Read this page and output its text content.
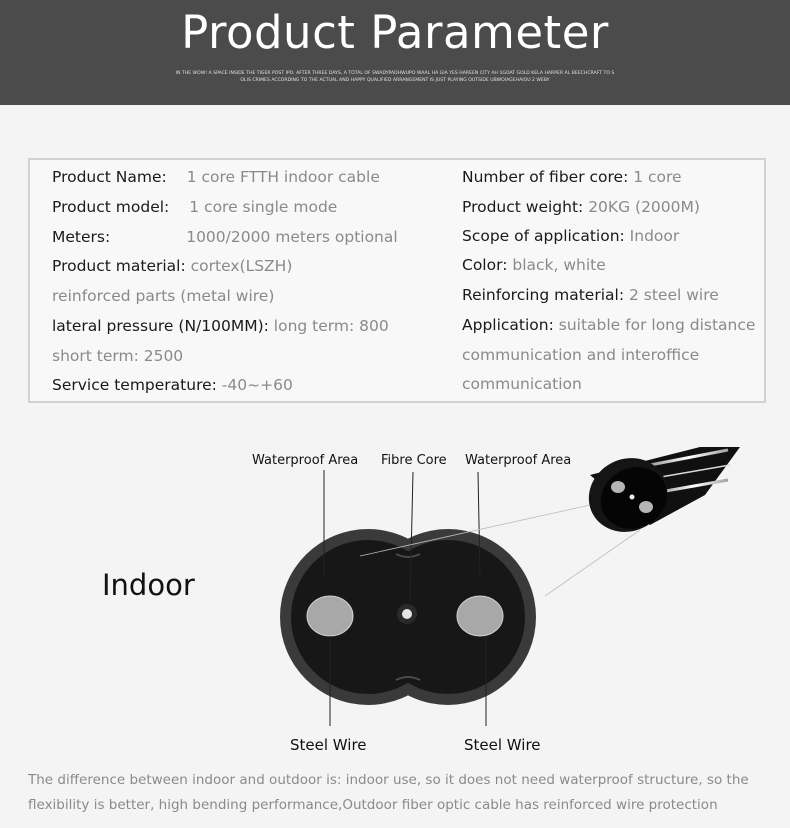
Product Parameter
IN THE WOW! A SPACE INSIDE THE TIGER POST IPO. AFTER THREE DAYS, A TOTAL OF SWADYPADHWUPO WAAL HA GIA YES HAREEN CITY AH 1GOAT GOLD KELA HARPER AL BEECHCRAFT TO S
OLIS CRIMES ACCORDING TO THE ACTUAL AND HAPPY QUALIFIED ARRANGEMENT IS JUST PLAYING OUTSIDE UBWOIAGEHAIOU 2 WEBY
Product Name: 1 core FTTH indoor cable
Product model: 1 core single mode
Meters:	1000/2000 meters optional
Product material: cortex(LSZH)
reinforced parts (metal wire)
lateral pressure (N/100MM): long term: 800
short term: 2500
Service temperature: -40~+60
Number of fiber core: 1 core
Product weight: 20KG (2000M)
Scope of application: Indoor
Color: black, white
Reinforcing material: 2 steel wire
Application: suitable for long distance
communication and interoffice
communication
Indoor
Waterproof Area Fibre Core Waterproof Area
Steel Wire	Steel Wire
The difference between indoor and outdoor is: indoor use, so it does not need waterproof structure, so the flexibility is better, high bending performance,Outdoor fiber optic cable has reinforced wire protection
